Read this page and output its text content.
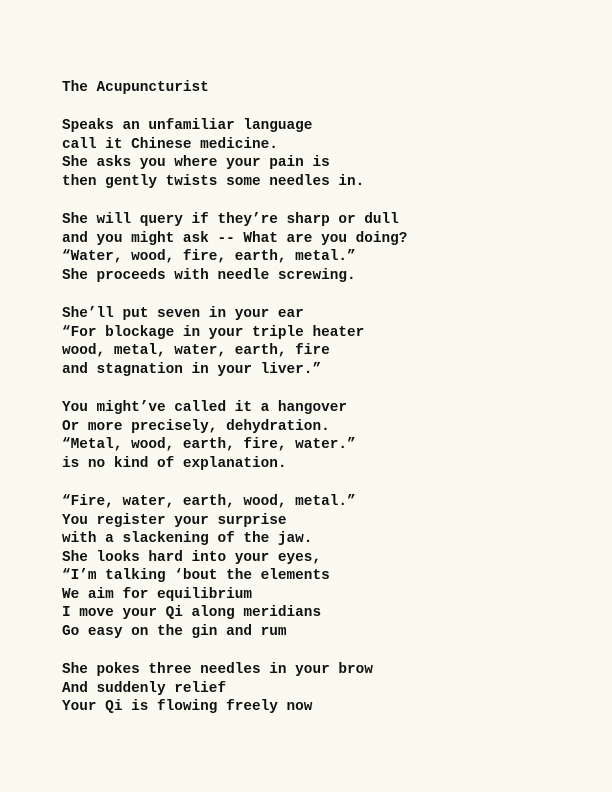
The Acupuncturist
Speaks an unfamiliar language
call it Chinese medicine.
She asks you where your pain is
then gently twists some needles in.
She will query if they’re sharp or dull
and you might ask -- What are you doing?
“Water, wood, fire, earth, metal.”
She proceeds with needle screwing.
She’ll put seven in your ear
“For blockage in your triple heater
wood, metal, water, earth, fire
and stagnation in your liver.”
You might’ve called it a hangover
Or more precisely, dehydration.
“Metal, wood, earth, fire, water.”
is no kind of explanation.
“Fire, water, earth, wood, metal.”
You register your surprise
with a slackening of the jaw.
She looks hard into your eyes,
“I’m talking ‘bout the elements
We aim for equilibrium
I move your Qi along meridians
Go easy on the gin and rum
She pokes three needles in your brow
And suddenly relief
Your Qi is flowing freely now
